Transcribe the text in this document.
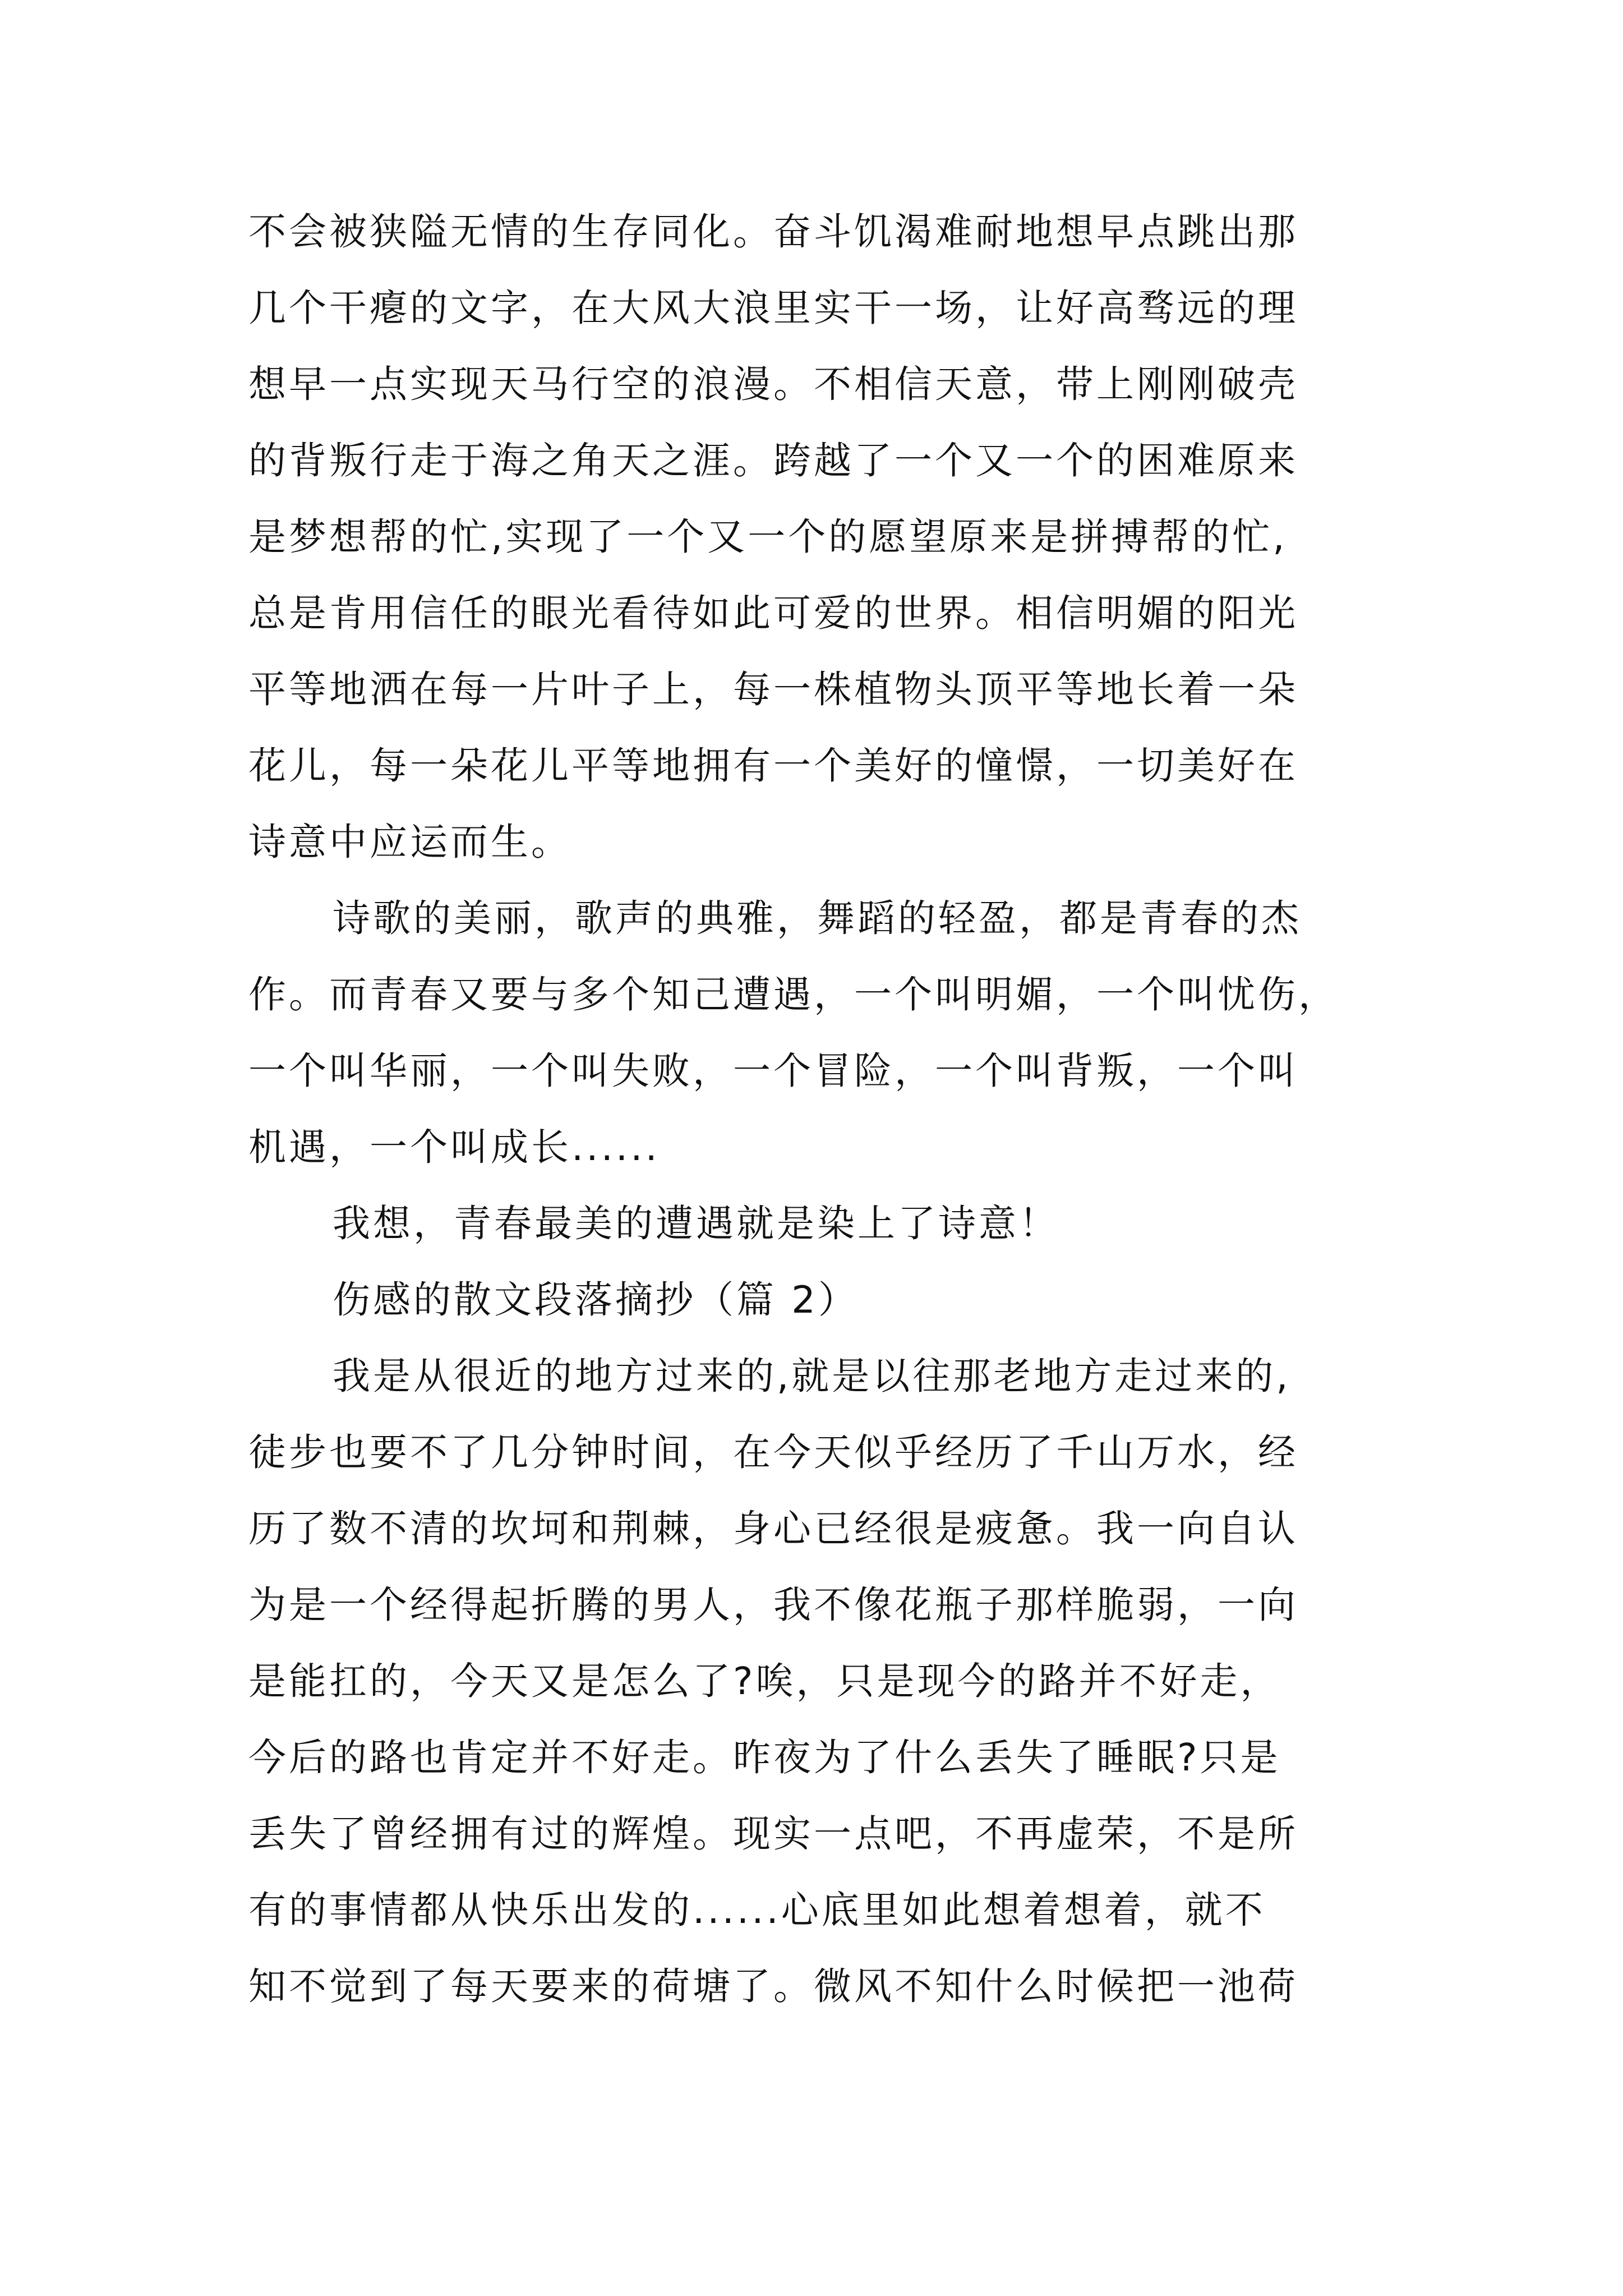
不会被狭隘无情的生存同化。奋斗饥渴难耐地想早点跳出那
几个干瘪的文字，在大风大浪里实干一场，让好高骛远的理
想早一点实现天马行空的浪漫。不相信天意，带上刚刚破壳
的背叛行走于海之角天之涯。跨越了一个又一个的困难原来
是梦想帮的忙,实现了一个又一个的愿望原来是拼搏帮的忙,
总是肯用信任的眼光看待如此可爱的世界。相信明媚的阳光
平等地洒在每一片叶子上，每一株植物头顶平等地长着一朵
花儿，每一朵花儿平等地拥有一个美好的憧憬，一切美好在
诗意中应运而生。
诗歌的美丽，歌声的典雅，舞蹈的轻盈，都是青春的杰
作。而青春又要与多个知己遭遇，一个叫明媚，一个叫忧伤，
一个叫华丽，一个叫失败，一个冒险，一个叫背叛，一个叫
机遇，一个叫成长......
我想，青春最美的遭遇就是染上了诗意！
伤感的散文段落摘抄（篇 2）
我是从很近的地方过来的,就是以往那老地方走过来的,
徒步也要不了几分钟时间，在今天似乎经历了千山万水，经
历了数不清的坎坷和荆棘，身心已经很是疲惫。我一向自认
为是一个经得起折腾的男人，我不像花瓶子那样脆弱，一向
是能扛的，今天又是怎么了?唉，只是现今的路并不好走，
今后的路也肯定并不好走。昨夜为了什么丢失了睡眠?只是
丢失了曾经拥有过的辉煌。现实一点吧，不再虚荣，不是所
有的事情都从快乐出发的......心底里如此想着想着，就不
知不觉到了每天要来的荷塘了。微风不知什么时候把一池荷
